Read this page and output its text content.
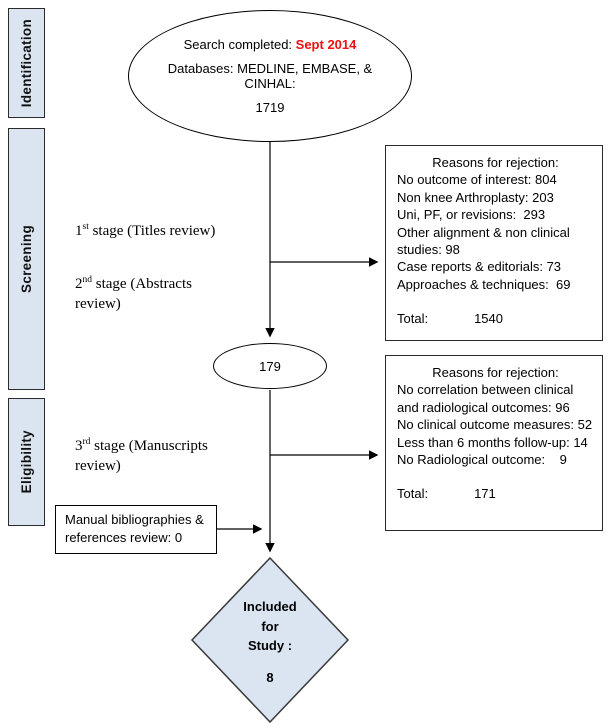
Identification
Screening
Eligibility
Search completed: Sept 2014
Databases: MEDLINE, EMBASE, & CINHAL:
1719
1st stage (Titles review)
2nd stage (Abstracts review)
3rd stage (Manuscripts review)
Reasons for rejection:
No outcome of interest: 804
Non knee Arthroplasty: 203
Uni, PF, or revisions:  293
Other alignment & non clinical studies: 98
Case reports & editorials: 73
Approaches & techniques:  69
Total:	1540
179	Reasons for rejection:
No correlation between clinical and radiological outcomes: 96
No clinical outcome measures: 52
Less than 6 months follow-up: 14
No Radiological outcome:    9
Total:	171
Manual bibliographies & references review: 0
Included
for
Study :
8
